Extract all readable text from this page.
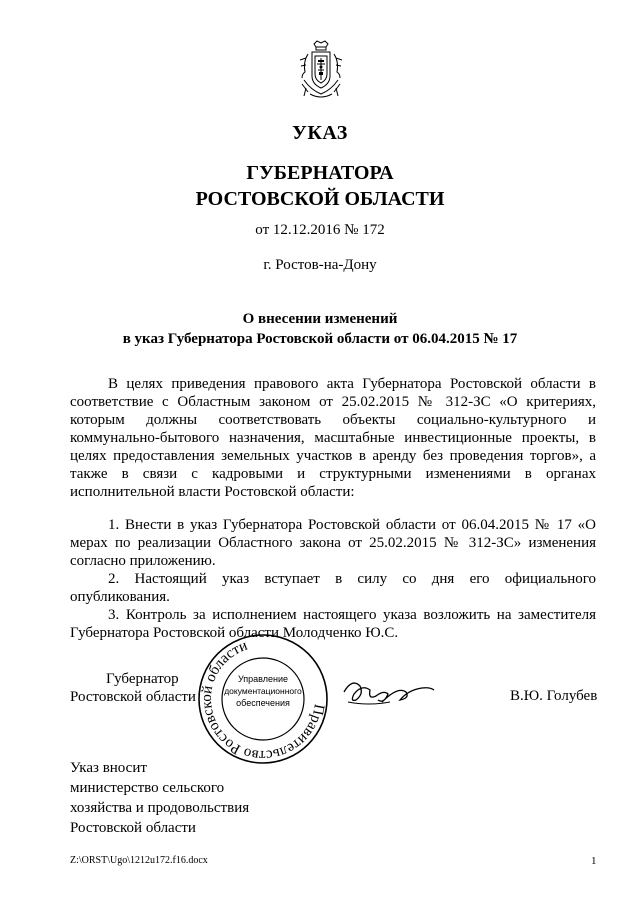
УКАЗ
ГУБЕРНАТОРА
РОСТОВСКОЙ ОБЛАСТИ
от 12.12.2016 № 172
г. Ростов-на-Дону
О внесении изменений
в указ Губернатора Ростовской области от 06.04.2015 № 17

В целях приведения правового акта Губернатора Ростовской области в соответствие с Областным законом от 25.02.2015 № 312-ЗС «О критериях, которым должны соответствовать объекты социально-культурного и коммунально-бытового назначения, масштабные инвестиционные проекты, в целях предоставления земельных участков в аренду без проведения торгов», а также в связи с кадровыми и структурными изменениями в органах исполнительной власти Ростовской области:

1. Внести в указ Губернатора Ростовской области от 06.04.2015 № 17 «О мерах по реализации Областного закона от 25.02.2015 № 312-ЗС» изменения согласно приложению.

2. Настоящий указ вступает в силу со дня его официального опубликования.

3. Контроль за исполнением настоящего указа возложить на заместителя Губернатора Ростовской области Молодченко Ю.С.

Губернатор
Ростовской области
Правительство Ростовской области
Управление
документационного
обеспечения	В.Ю. Голубев
Указ вносит
министерство сельского
хозяйства и продовольствия
Ростовской области
Z:\ORST\Ugo\1212u172.f16.docx	1
